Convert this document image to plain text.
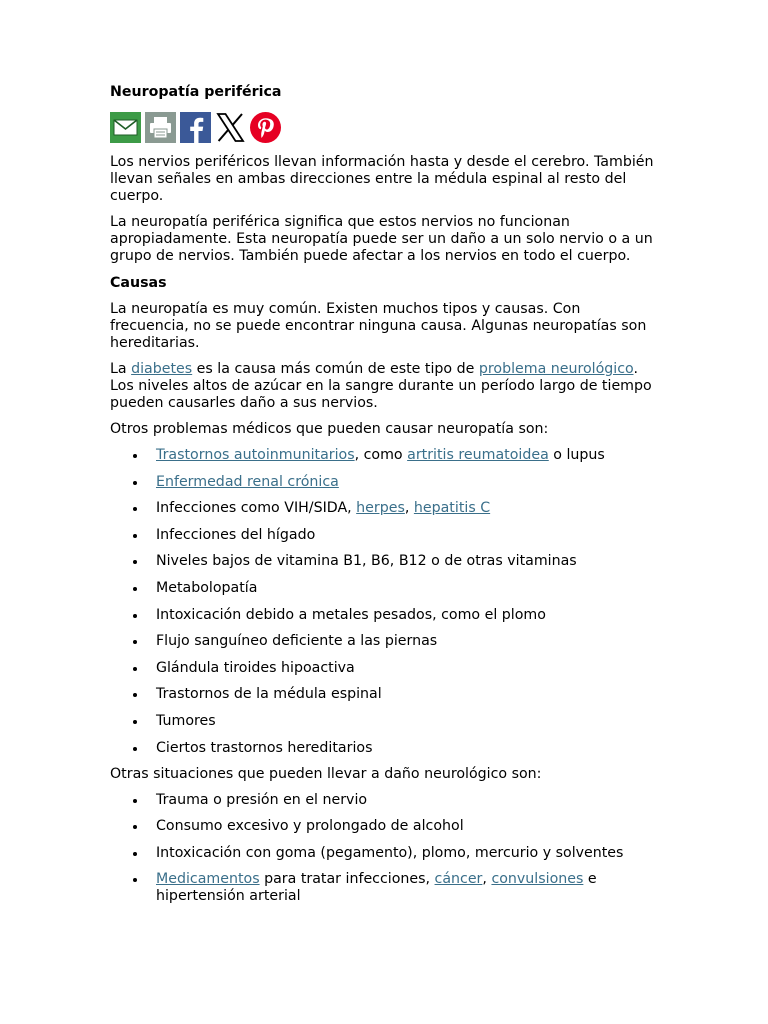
Neuropatía periférica

Los nervios periféricos llevan información hasta y desde el cerebro. También llevan señales en ambas direcciones entre la médula espinal al resto del cuerpo.

La neuropatía periférica significa que estos nervios no funcionan apropiadamente. Esta neuropatía puede ser un daño a un solo nervio o a un grupo de nervios. También puede afectar a los nervios en todo el cuerpo.

Causas

La neuropatía es muy común. Existen muchos tipos y causas. Con frecuencia, no se puede encontrar ninguna causa. Algunas neuropatías son hereditarias.

La diabetes es la causa más común de este tipo de problema neurológico. Los niveles altos de azúcar en la sangre durante un período largo de tiempo pueden causarles daño a sus nervios.

Otros problemas médicos que pueden causar neuropatía son:

Trastornos autoinmunitarios, como artritis reumatoidea o lupus
Enfermedad renal crónica
Infecciones como VIH/SIDA, herpes, hepatitis C
Infecciones del hígado
Niveles bajos de vitamina B1, B6, B12 o de otras vitaminas
Metabolopatía
Intoxicación debido a metales pesados, como el plomo
Flujo sanguíneo deficiente a las piernas
Glándula tiroides hipoactiva
Trastornos de la médula espinal
Tumores
Ciertos trastornos hereditarios

Otras situaciones que pueden llevar a daño neurológico son:

Trauma o presión en el nervio
Consumo excesivo y prolongado de alcohol
Intoxicación con goma (pegamento), plomo, mercurio y solventes
Medicamentos para tratar infecciones, cáncer, convulsiones e hipertensión arterial
